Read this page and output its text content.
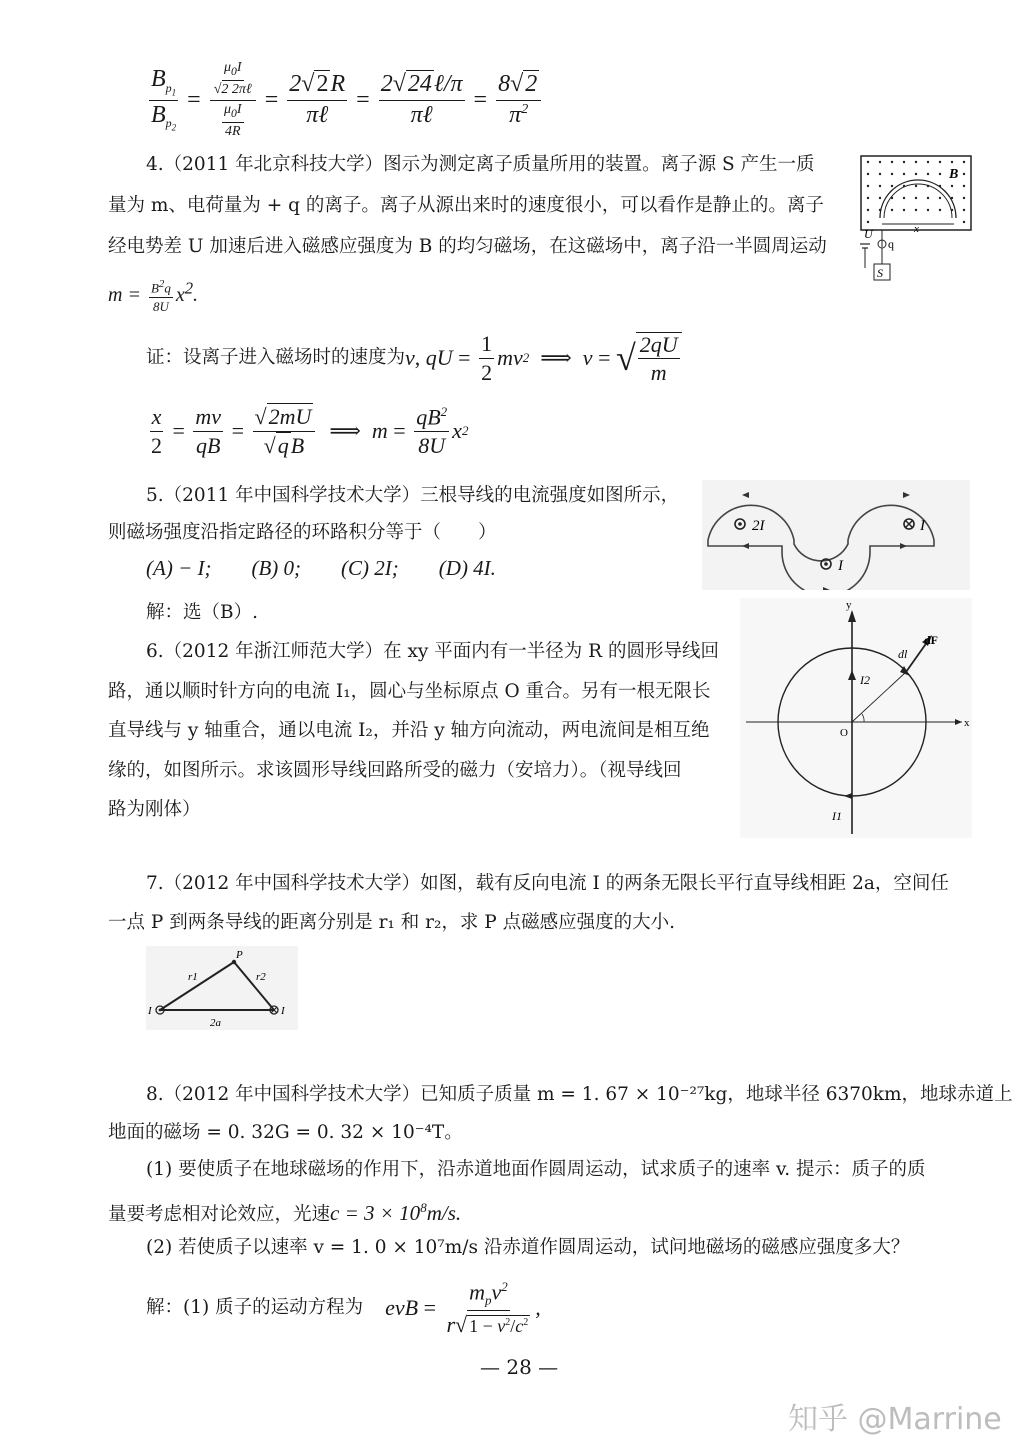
$\frac{B_{p_1}}{B_{p_2}} = \frac{\frac{\mu_0I}{\text{√2 2πℓ}}}{\frac{\mu_0I}{4R}} = \frac{2√2R}{\text{πℓ}} = \frac{\text{2√24ℓ/π}}{\text{πℓ}} = \frac{8√2}{\pi^2}$
4.（2011 年北京科技大学）图示为测定离子质量所用的装置。离子源 S 产生一质
量为 m、电荷量为 + q 的离子。离子从源出来时的速度很小，可以看作是静止的。离子
经电势差 U 加速后进入磁感应强度为 B 的均匀磁场，在这磁场中，离子沿一半圆周运动
$m = \frac{B^2q}{8U} x^2$.
B
x
U
q
S
证：设离子进入磁场时的速度为 v , qU = $\frac{1}{2}$ mv 2 ⟹ v = √ $\frac{2qU}{m}$
$\frac{x}{2} = \frac{mv}{qB} = \frac{√2mU}{√qB}$ ⟹ $m = \frac{qB^2}{8U}$ x 2
5.（2011 年中国科学技术大学）三根导线的电流强度如图所示，
则磁场强度沿指定路径的环路积分等于（　　）
(A) − I; (B) 0; (C) 2I; (D) 4I.
解：选（B）.
2I	I
I
6.（2012 年浙江师范大学）在 xy 平面内有一半径为 R 的圆形导线回
路，通以顺时针方向的电流 I₁，圆心与坐标原点 O 重合。另有一根无限长
直导线与 y 轴重合，通以电流 I₂，并沿 y 轴方向流动，两电流间是相互绝
缘的，如图所示。求该圆形导线回路所受的磁力（安培力）。（视导线回
路为刚体）
x
y
O
I2
dl
dF
I1
7.（2012 年中国科学技术大学）如图，载有反向电流 I 的两条无限长平行直导线相距 2a，空间任
一点 P 到两条导线的距离分别是 r₁ 和 r₂，求 P 点磁感应强度的大小.
P
r1	r2
2a
I	I
8.（2012 年中国科学技术大学）已知质子质量 m = 1. 67 × 10⁻²⁷kg，地球半径 6370km，地球赤道上
地面的磁场 = 0. 32G = 0. 32 × 10⁻⁴T。
(1) 要使质子在地球磁场的作用下，沿赤道地面作圆周运动，试求质子的速率 v. 提示：质子的质
量要考虑相对论效应，光速$c = 3 \times 10^8m/s$.
(2) 若使质子以速率 v = 1. 0 × 10⁷m/s 沿赤道作圆周运动，试问地磁场的磁感应强度多大？
解：(1) 质子的运动方程为 evB = $\frac{m_pv^2}{r√ 1 - v^2/c^2}$ ,
— 28 —
知乎 @Marrine
